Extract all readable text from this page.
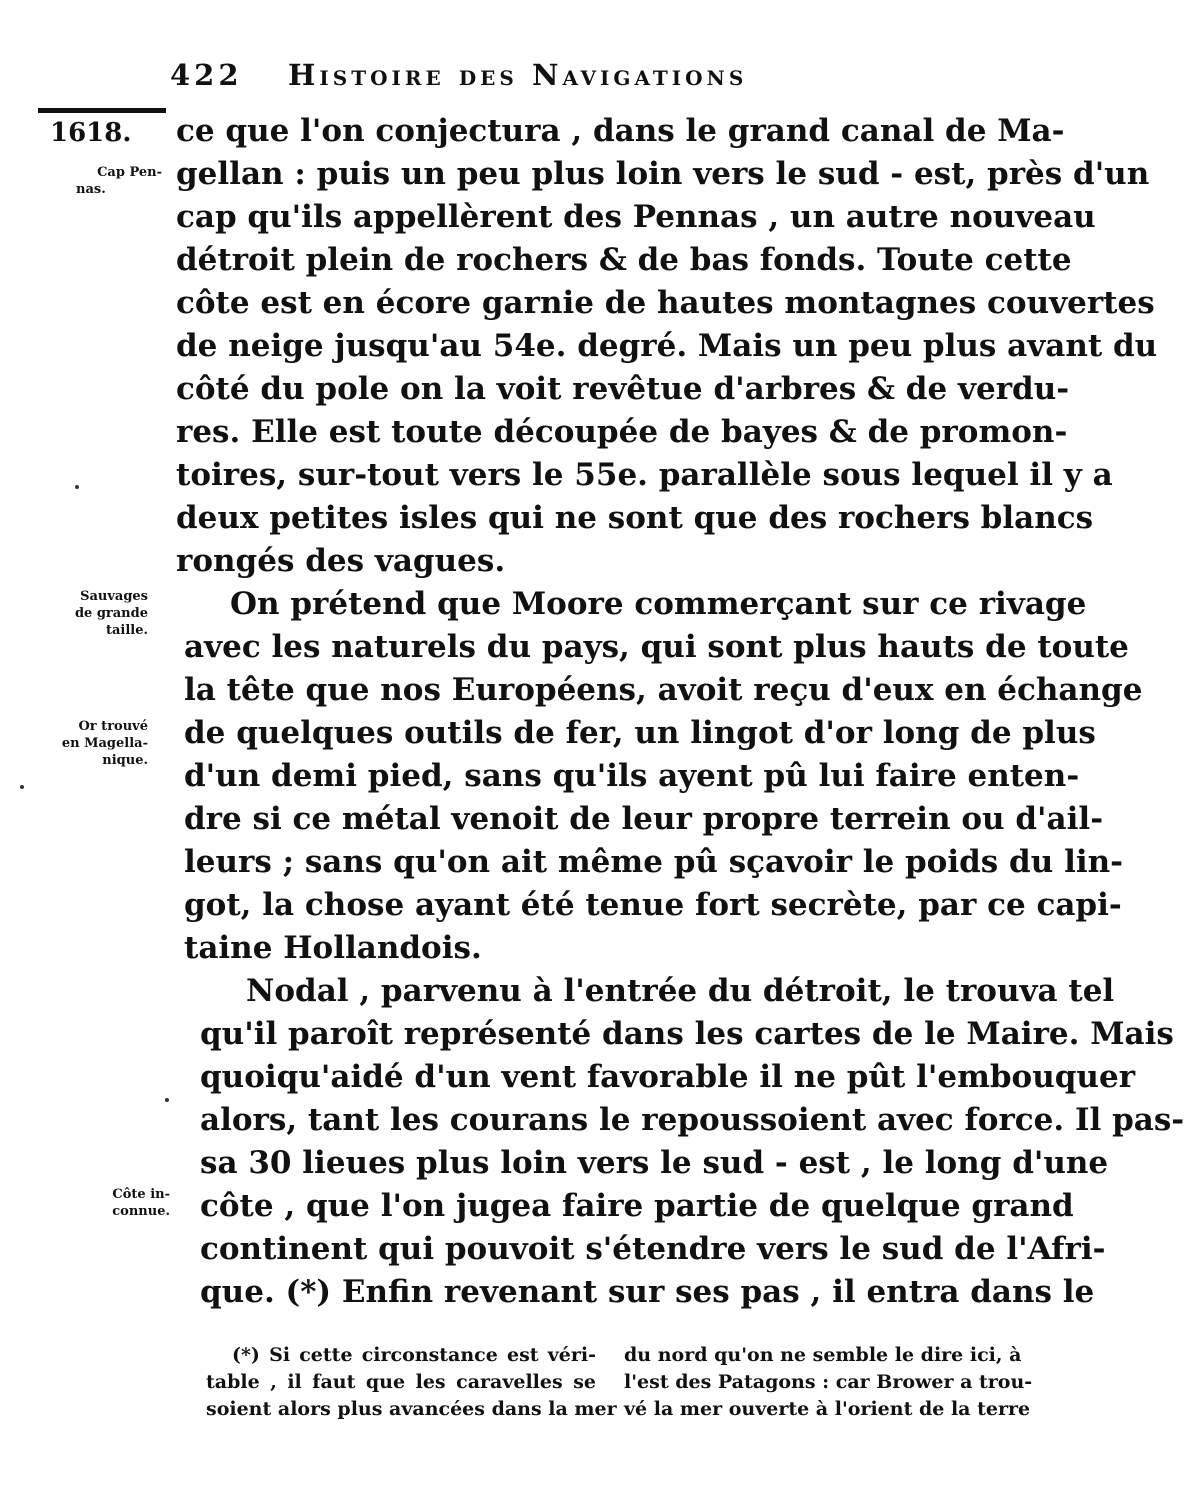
422 Histoire des Navigations
1618.
Cap Pen-
nas.
Sauvages
de grande
taille.
Or trouvé
en Magella-
nique.
Côte in-
connue.
ce que l'on conjectura , dans le grand canal de Ma-
gellan : puis un peu plus loin vers le sud - est, près d'un
cap qu'ils appellèrent des Pennas , un autre nouveau
détroit plein de rochers & de bas fonds. Toute cette
côte est en écore garnie de hautes montagnes couvertes
de neige jusqu'au 54e. degré. Mais un peu plus avant du
côté du pole on la voit revêtue d'arbres & de verdu-
res. Elle est toute découpée de bayes & de promon-
toires, sur-tout vers le 55e. parallèle sous lequel il y a
deux petites isles qui ne sont que des rochers blancs
rongés des vagues.
On prétend que Moore commerçant sur ce rivage
avec les naturels du pays, qui sont plus hauts de toute
la tête que nos Européens, avoit reçu d'eux en échange
de quelques outils de fer, un lingot d'or long de plus
d'un demi pied, sans qu'ils ayent pû lui faire enten-
dre si ce métal venoit de leur propre terrein ou d'ail-
leurs ; sans qu'on ait même pû sçavoir le poids du lin-
got, la chose ayant été tenue fort secrète, par ce capi-
taine Hollandois.
Nodal , parvenu à l'entrée du détroit, le trouva tel
qu'il paroît représenté dans les cartes de le Maire. Mais
quoiqu'aidé d'un vent favorable il ne pût l'embouquer
alors, tant les courans le repoussoient avec force. Il pas-
sa 30 lieues plus loin vers le sud - est , le long d'une
côte , que l'on jugea faire partie de quelque grand
continent qui pouvoit s'étendre vers le sud de l'Afri-
que. (*) Enfin revenant sur ses pas , il entra dans le
(*) Si cette circonstance est véri-
table , il faut que les caravelles se
soient alors plus avancées dans la mer
du nord qu'on ne semble le dire ici, à
l'est des Patagons : car Brower a trou-
vé la mer ouverte à l'orient de la terre
